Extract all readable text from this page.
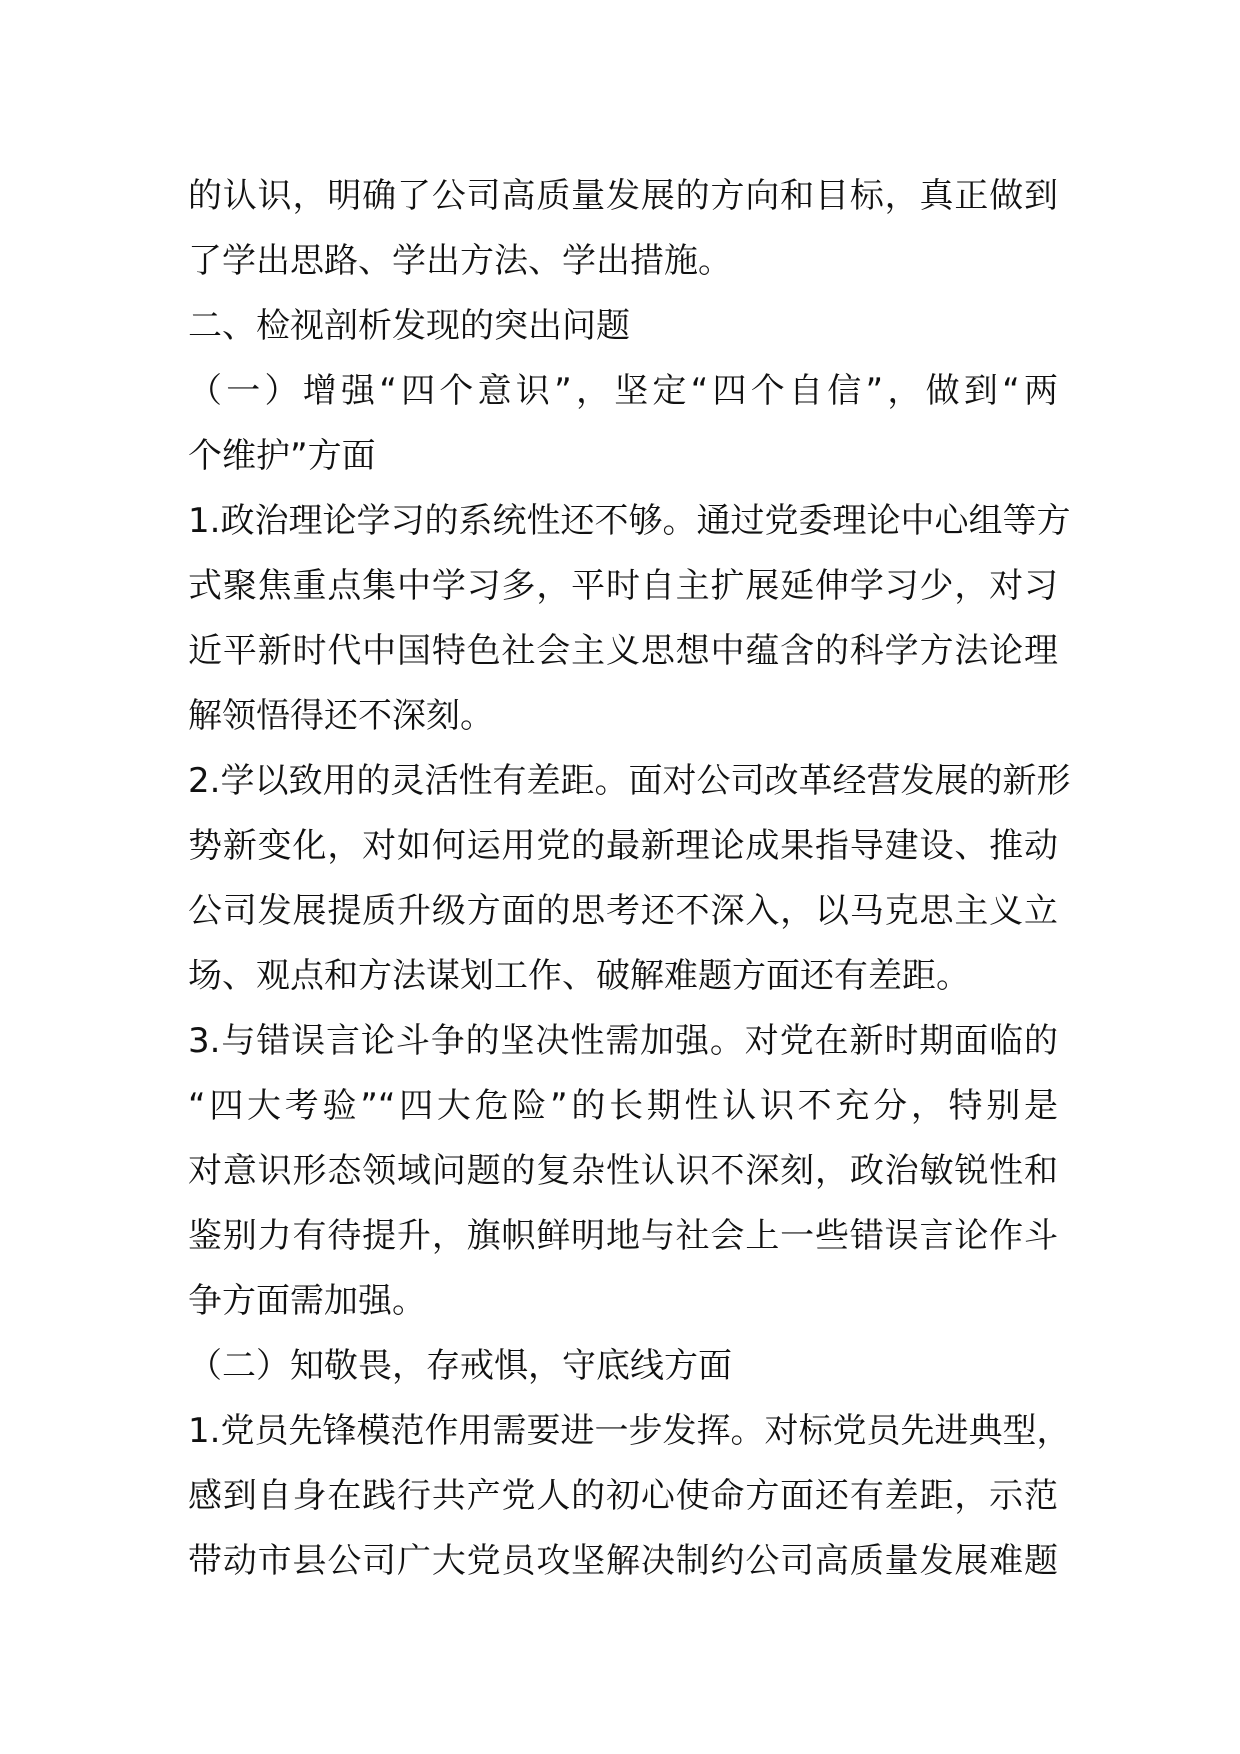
的认识，明确了公司高质量发展的方向和目标，真正做到
了学出思路、学出方法、学出措施。
二、检视剖析发现的突出问题
（一）增强“四个意识”，坚定“四个自信”，做到“两
个维护”方面
1.政治理论学习的系统性还不够。通过党委理论中心组等方
式聚焦重点集中学习多，平时自主扩展延伸学习少，对习
近平新时代中国特色社会主义思想中蕴含的科学方法论理
解领悟得还不深刻。
2.学以致用的灵活性有差距。面对公司改革经营发展的新形
势新变化，对如何运用党的最新理论成果指导建设、推动
公司发展提质升级方面的思考还不深入，以马克思主义立
场、观点和方法谋划工作、破解难题方面还有差距。
3.与错误言论斗争的坚决性需加强。对党在新时期面临的
“四大考验”“四大危险”的长期性认识不充分，特别是
对意识形态领域问题的复杂性认识不深刻，政治敏锐性和
鉴别力有待提升，旗帜鲜明地与社会上一些错误言论作斗
争方面需加强。
（二）知敬畏，存戒惧，守底线方面
1.党员先锋模范作用需要进一步发挥。对标党员先进典型，
感到自身在践行共产党人的初心使命方面还有差距，示范
带动市县公司广大党员攻坚解决制约公司高质量发展难题
